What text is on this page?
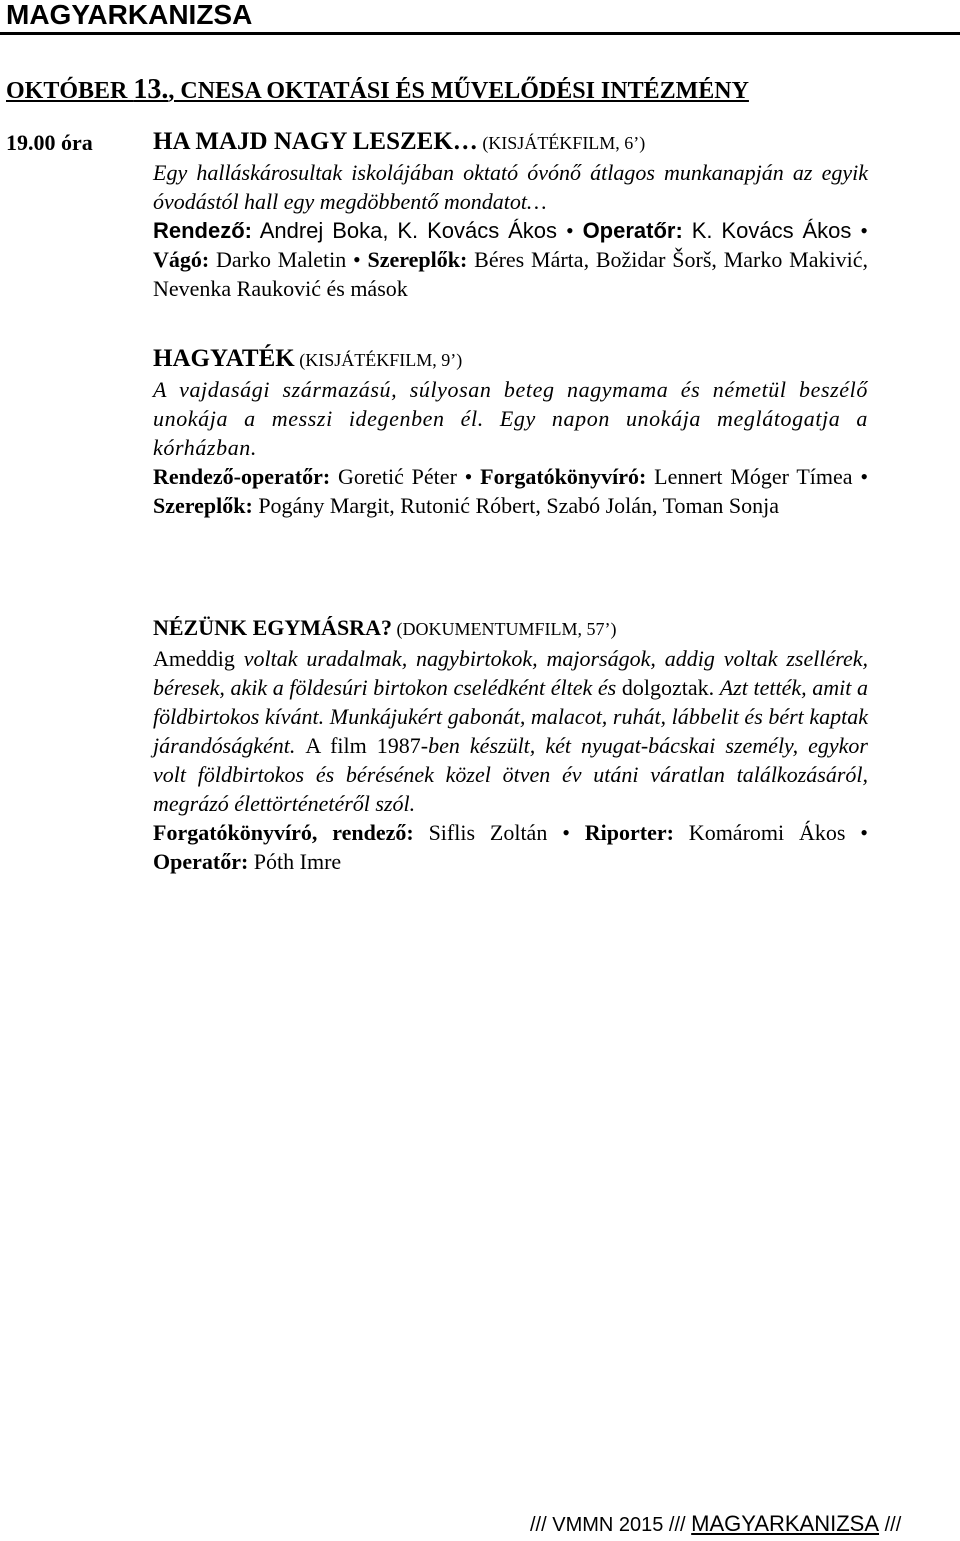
MAGYARKANIZSA
OKTÓBER 13., CNESA OKTATÁSI ÉS MŰVELŐDÉSI INTÉZMÉNY
19.00 óra HA MAJD NAGY LESZEK… (KISJÁTÉKFILM, 6’)
Egy halláskárosultak iskolájában oktató óvónő átlagos munkanapján az egyik óvodástól hall egy megdöbbentő mondatot…
Rendező: Andrej Boka, K. Kovács Ákos • Operatőr: K. Kovács Ákos • Vágó: Darko Maletin • Szereplők: Béres Márta, Božidar Šorš, Marko Makivić, Nevenka Rauković és mások
HAGYATÉK (KISJÁTÉKFILM, 9’)
A vajdasági származású, súlyosan beteg nagymama és németül beszélő unokája a messzi idegenben él. Egy napon unokája meglátogatja a kórházban.
Rendező-operatőr: Goretić Péter • Forgatókönyvíró: Lennert Móger Tímea • Szereplők: Pogány Margit, Rutonić Róbert, Szabó Jolán, Toman Sonja
NÉZÜNK EGYMÁSRA? (DOKUMENTUMFILM, 57’)
Ameddig voltak uradalmak, nagybirtokok, majorságok, addig voltak zsellérek, béresek, akik a földesúri birtokon cselédként éltek és dolgoztak. Azt tették, amit a földbirtokos kívánt. Munkájukért gabonát, malacot, ruhát, lábbelit és bért kaptak járandóságként. A film 1987-ben készült, két nyugat-bácskai személy, egykor volt földbirtokos és bérésének közel ötven év utáni váratlan találkozásáról, megrázó élettörténetéről szól.
Forgatókönyvíró, rendező: Siflis Zoltán • Riporter: Komáromi Ákos • Operatőr: Póth Imre
/// VMMN 2015 /// MAGYARKANIZSA ///
